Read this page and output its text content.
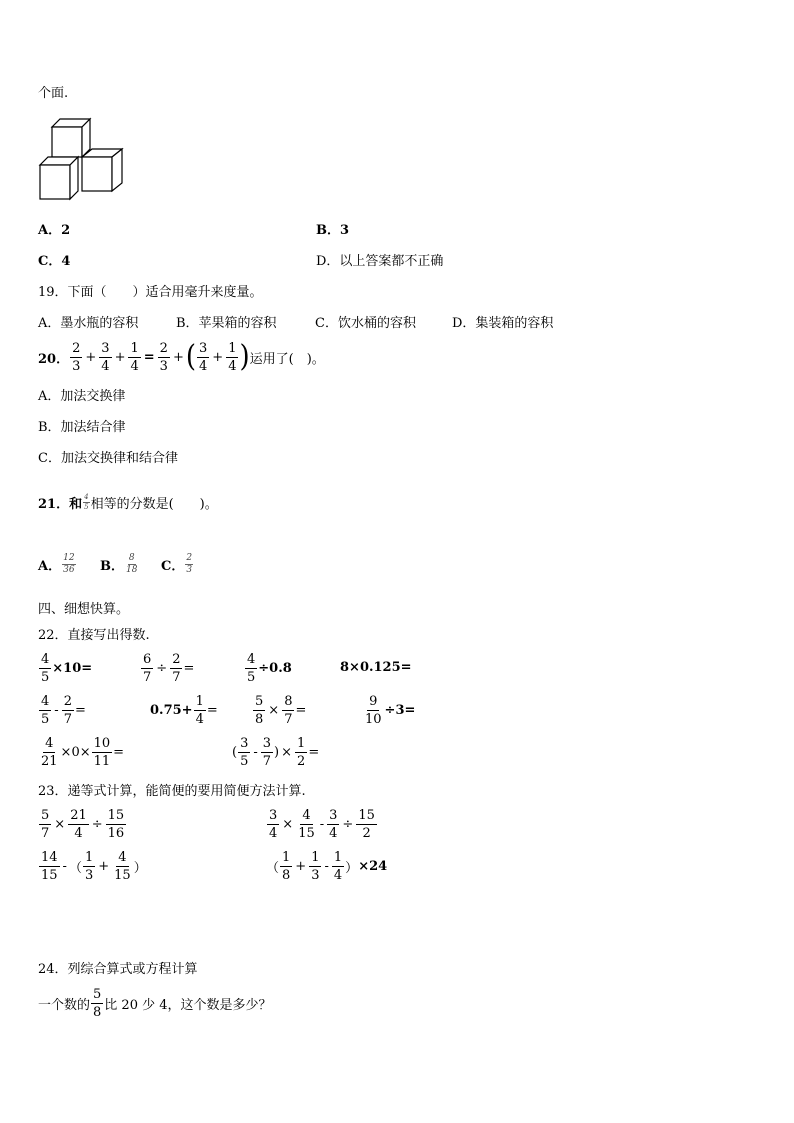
个面.
A．2	B．3
C．4	D．以上答案都不正确
19．下面（　　）适合用毫升来度量。
A．墨水瓶的容积	B．苹果箱的容积	C．饮水桶的容积	D．集装箱的容积
20． $\frac{2}{3} + \frac{3}{4} + \frac{1}{4} = \frac{2}{3}$ + ( $\frac{3}{4} + \frac{1}{4}$ ) 运用了(　)。
A．加法交换律
B．加法结合律
C．加法交换律和结合律
21．和 $\frac{4}{5}$ 相等的分数是(　　)。
A． $\frac{12}{36}$ B． $\frac{8}{18}$ C． $\frac{2}{3}$
四、细想快算。
22．直接写出得数.
$\frac{4}{5} \times 10=$	$\frac{6}{7} \div \frac{2}{7}$ =	$\frac{4}{5} \div 0.8$	8×0.125=
$\frac{4}{5} - \frac{2}{7}$ =	$0.75+ \frac{1}{4}$ =	$\frac{5}{8} \times \frac{8}{7}$ =	$\frac{9}{10} \div 3=$
$\frac{4}{21} \times 0\times \frac{10}{11}$ =	( $\frac{3}{5} - \frac{3}{7}$ ) × $\frac{1}{2}$ =
23．递等式计算，能简便的要用简便方法计算.
$\frac{5}{7} \times \frac{21}{4} \div \frac{15}{16}$	$\frac{3}{4} \times \frac{4}{15} - \frac{3}{4} \div \frac{15}{2}$
$\frac{14}{15}$ - （ $\frac{1}{3} + \frac{4}{15}$ ）	（ $\frac{1}{8} + \frac{1}{3} - \frac{1}{4}$ ） ×24
24．列综合算式或方程计算
一个数的 $\frac{5}{8}$ 比 20 少 4，这个数是多少？
